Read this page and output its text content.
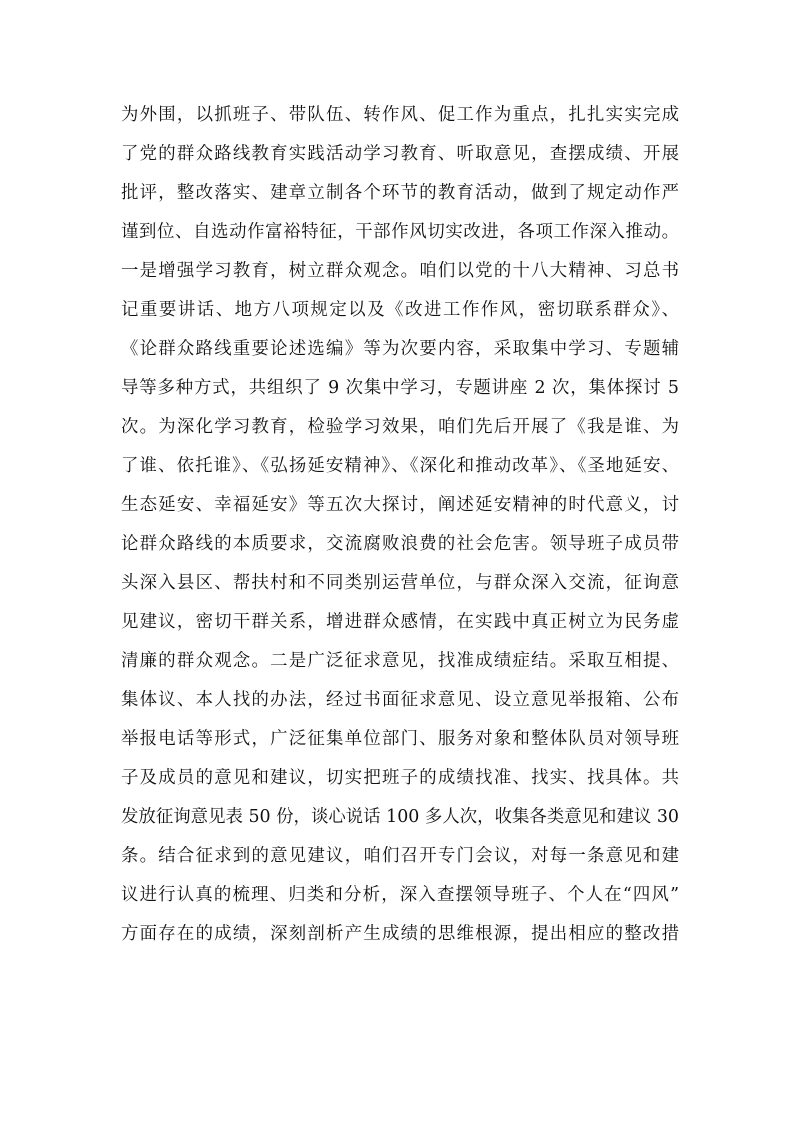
为外围，以抓班子、带队伍、转作风、促工作为重点，扎扎实实完成
了党的群众路线教育实践活动学习教育、听取意见，查摆成绩、开展
批评，整改落实、建章立制各个环节的教育活动，做到了规定动作严
谨到位、自选动作富裕特征，干部作风切实改进，各项工作深入推动。
一是增强学习教育，树立群众观念。咱们以党的十八大精神、习总书
记重要讲话、地方八项规定以及《改进工作作风，密切联系群众》、
《论群众路线重要论述选编》等为次要内容，采取集中学习、专题辅
导等多种方式，共组织了 9 次集中学习，专题讲座 2 次，集体探讨 5
次。为深化学习教育，检验学习效果，咱们先后开展了《我是谁、为
了谁、依托谁》、《弘扬延安精神》、《深化和推动改革》、《圣地延安、
生态延安、幸福延安》等五次大探讨，阐述延安精神的时代意义，讨
论群众路线的本质要求，交流腐败浪费的社会危害。领导班子成员带
头深入县区、帮扶村和不同类别运营单位，与群众深入交流，征询意
见建议，密切干群关系，增进群众感情，在实践中真正树立为民务虚
清廉的群众观念。二是广泛征求意见，找准成绩症结。采取互相提、
集体议、本人找的办法，经过书面征求意见、设立意见举报箱、公布
举报电话等形式，广泛征集单位部门、服务对象和整体队员对领导班
子及成员的意见和建议，切实把班子的成绩找准、找实、找具体。共
发放征询意见表 50 份，谈心说话 100 多人次，收集各类意见和建议 30
条。结合征求到的意见建议，咱们召开专门会议，对每一条意见和建
议进行认真的梳理、归类和分析，深入查摆领导班子、个人在“四风”
方面存在的成绩，深刻剖析产生成绩的思维根源，提出相应的整改措
